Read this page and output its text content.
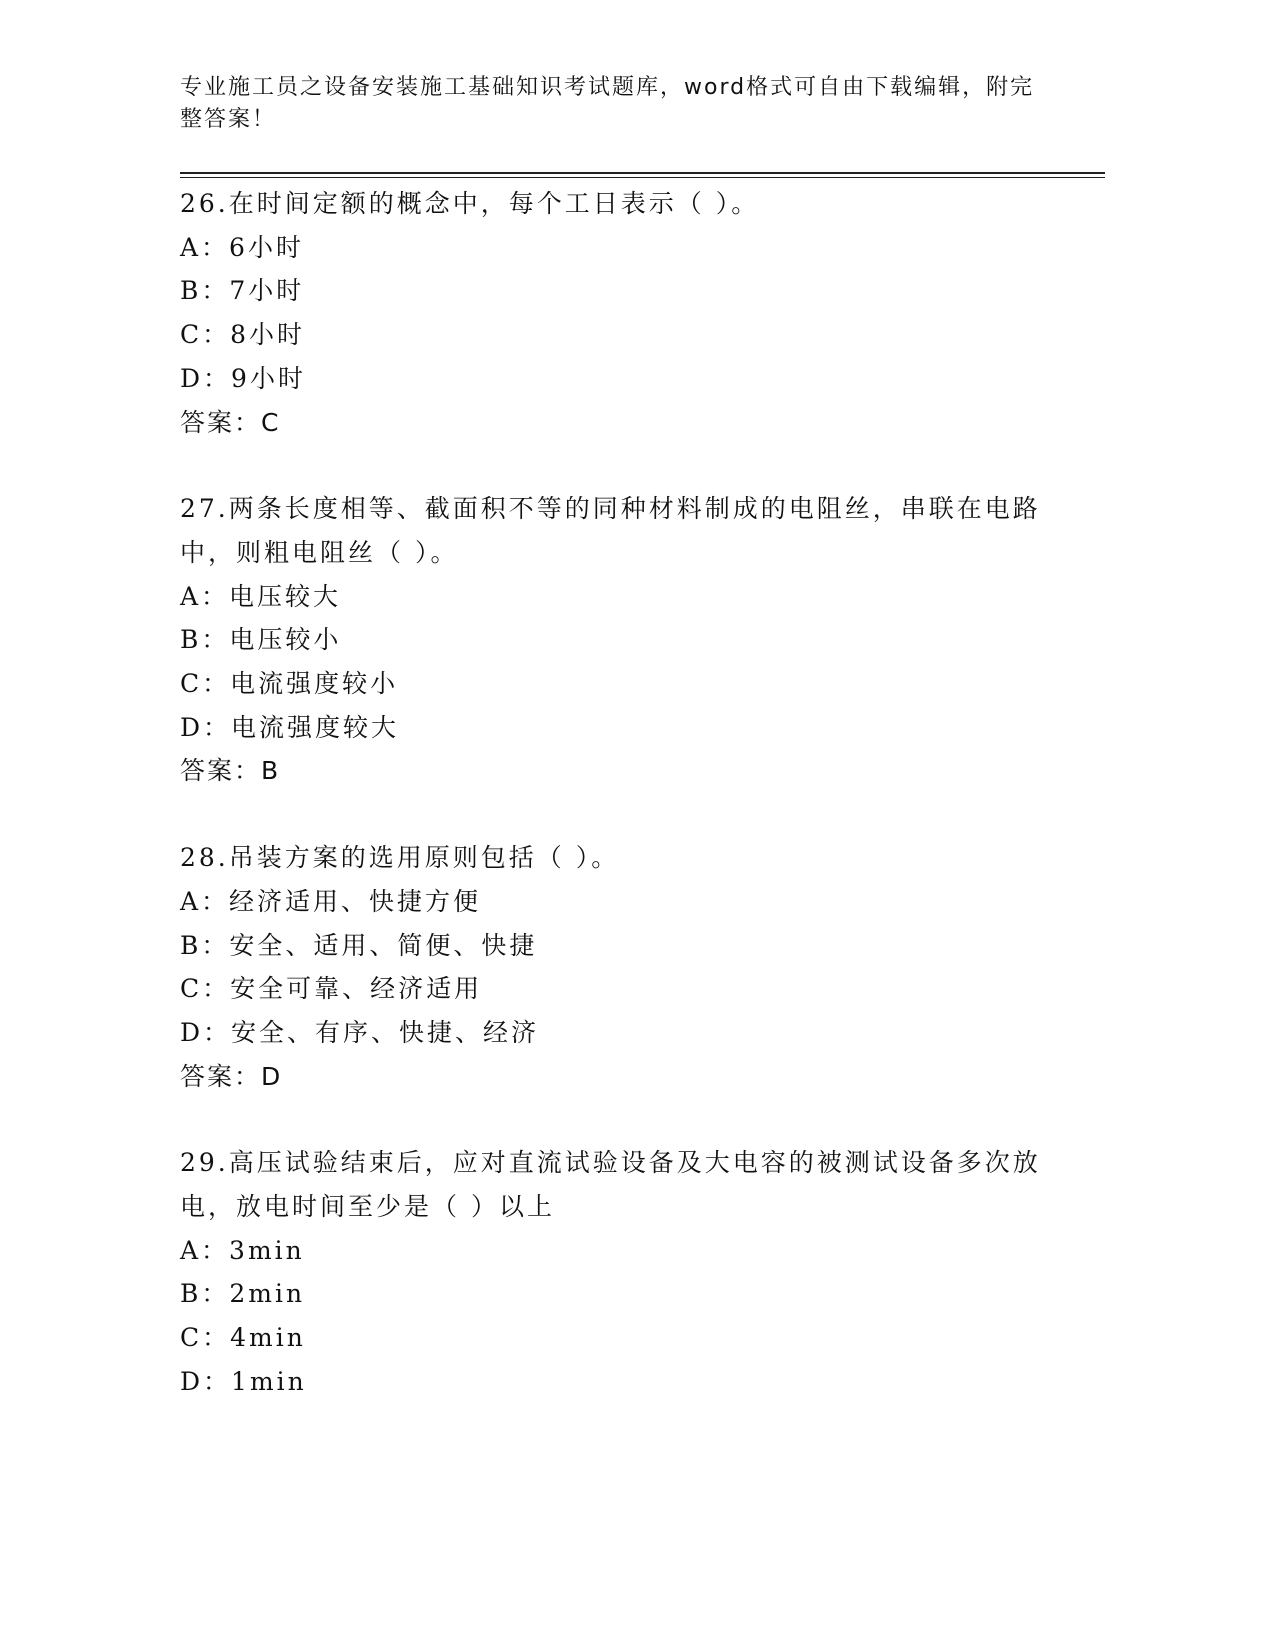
专业施工员之设备安装施工基础知识考试题库，word格式可自由下载编辑，附完整答案！
26.在时间定额的概念中，每个工日表示（ ）。
A：6小时
B：7小时
C：8小时
D：9小时
答案：C
27.两条长度相等、截面积不等的同种材料制成的电阻丝，串联在电路中，则粗电阻丝（ ）。
A：电压较大
B：电压较小
C：电流强度较小
D：电流强度较大
答案：B
28.吊装方案的选用原则包括（ ）。
A：经济适用、快捷方便
B：安全、适用、简便、快捷
C：安全可靠、经济适用
D：安全、有序、快捷、经济
答案：D
29.高压试验结束后，应对直流试验设备及大电容的被测试设备多次放电，放电时间至少是（ ）以上
A：3min
B：2min
C：4min
D：1min
